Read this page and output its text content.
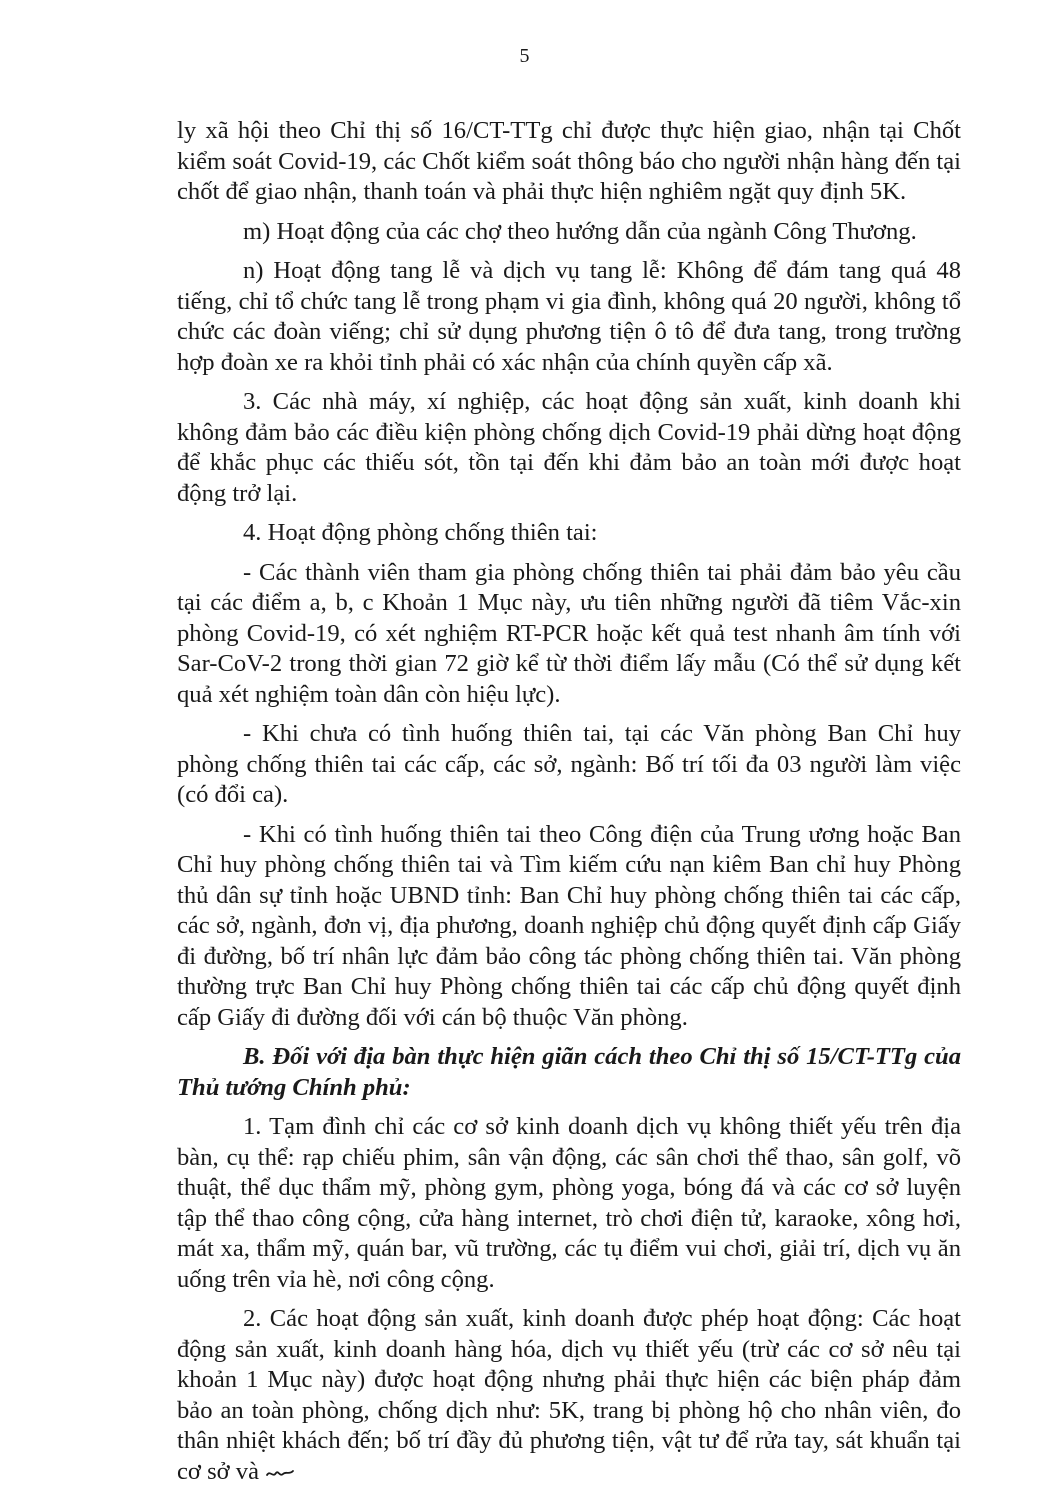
5

ly xã hội theo Chỉ thị số 16/CT-TTg chỉ được thực hiện giao, nhận tại Chốt kiểm soát Covid-19, các Chốt kiểm soát thông báo cho người nhận hàng đến tại chốt để giao nhận, thanh toán và phải thực hiện nghiêm ngặt quy định 5K.

m) Hoạt động của các chợ theo hướng dẫn của ngành Công Thương.

n) Hoạt động tang lễ và dịch vụ tang lễ: Không để đám tang quá 48 tiếng, chỉ tổ chức tang lễ trong phạm vi gia đình, không quá 20 người, không tổ chức các đoàn viếng; chỉ sử dụng phương tiện ô tô để đưa tang, trong trường hợp đoàn xe ra khỏi tỉnh phải có xác nhận của chính quyền cấp xã.

3. Các nhà máy, xí nghiệp, các hoạt động sản xuất, kinh doanh khi không đảm bảo các điều kiện phòng chống dịch Covid-19 phải dừng hoạt động để khắc phục các thiếu sót, tồn tại đến khi đảm bảo an toàn mới được hoạt động trở lại.

4. Hoạt động phòng chống thiên tai:

- Các thành viên tham gia phòng chống thiên tai phải đảm bảo yêu cầu tại các điểm a, b, c Khoản 1 Mục này, ưu tiên những người đã tiêm Vắc-xin phòng Covid-19, có xét nghiệm RT-PCR hoặc kết quả test nhanh âm tính với Sar-CoV-2 trong thời gian 72 giờ kể từ thời điểm lấy mẫu (Có thể sử dụng kết quả xét nghiệm toàn dân còn hiệu lực).

- Khi chưa có tình huống thiên tai, tại các Văn phòng Ban Chỉ huy phòng chống thiên tai các cấp, các sở, ngành: Bố trí tối đa 03 người làm việc (có đổi ca).

- Khi có tình huống thiên tai theo Công điện của Trung ương hoặc Ban Chỉ huy phòng chống thiên tai và Tìm kiếm cứu nạn kiêm Ban chỉ huy Phòng thủ dân sự tỉnh hoặc UBND tỉnh: Ban Chỉ huy phòng chống thiên tai các cấp, các sở, ngành, đơn vị, địa phương, doanh nghiệp chủ động quyết định cấp Giấy đi đường, bố trí nhân lực đảm bảo công tác phòng chống thiên tai. Văn phòng thường trực Ban Chỉ huy Phòng chống thiên tai các cấp chủ động quyết định cấp Giấy đi đường đối với cán bộ thuộc Văn phòng.

B. Đối với địa bàn thực hiện giãn cách theo Chỉ thị số 15/CT-TTg của Thủ tướng Chính phủ:

1. Tạm đình chỉ các cơ sở kinh doanh dịch vụ không thiết yếu trên địa bàn, cụ thể: rạp chiếu phim, sân vận động, các sân chơi thể thao, sân golf, võ thuật, thể dục thẩm mỹ, phòng gym, phòng yoga, bóng đá và các cơ sở luyện tập thể thao công cộng, cửa hàng internet, trò chơi điện tử, karaoke, xông hơi, mát xa, thẩm mỹ, quán bar, vũ trường, các tụ điểm vui chơi, giải trí, dịch vụ ăn uống trên vỉa hè, nơi công cộng.

2. Các hoạt động sản xuất, kinh doanh được phép hoạt động: Các hoạt động sản xuất, kinh doanh hàng hóa, dịch vụ thiết yếu (trừ các cơ sở nêu tại khoản 1 Mục này) được hoạt động nhưng phải thực hiện các biện pháp đảm bảo an toàn phòng, chống dịch như: 5K, trang bị phòng hộ cho nhân viên, đo thân nhiệt khách đến; bố trí đầy đủ phương tiện, vật tư để rửa tay, sát khuẩn tại cơ sở và
